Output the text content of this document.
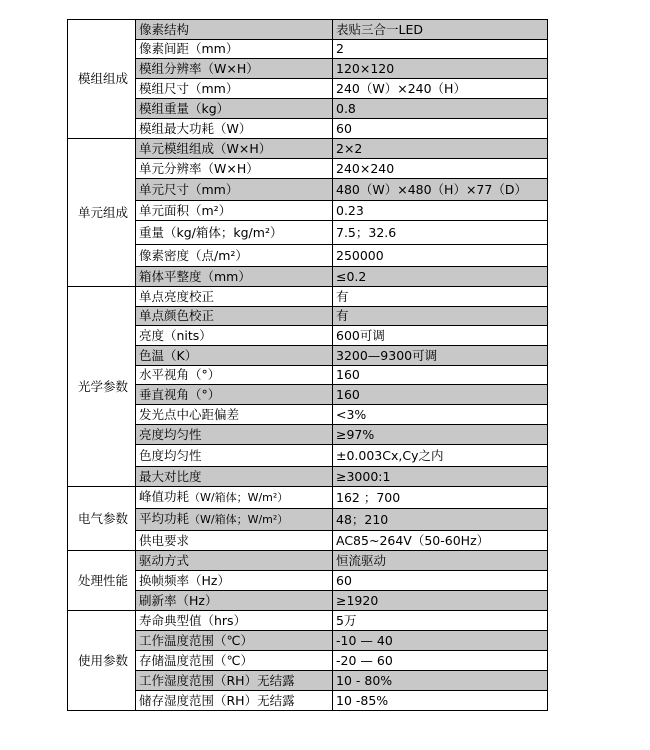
模组组成	像素结构	表贴三合一LED
	像素间距（mm）	2
	模组分辨率（W×H）	120×120
	模组尺寸（mm）	240（W）×240（H）
	模组重量（kg）	0.8
	模组最大功耗（W）	60
单元组成	单元模组组成（W×H）	2×2
	单元分辨率（W×H）	240×240
	单元尺寸（mm）	480（W）×480（H）×77（D）
	单元面积（m²）	0.23
	重量（kg/箱体；kg/m²）	7.5；32.6
	像素密度（点/m²）	250000
	箱体平整度（mm）	≤0.2
光学参数	单点亮度校正	有
	单点颜色校正	有
	亮度（nits）	600可调
	色温（K）	3200—9300可调
	水平视角（°）	160
	垂直视角（°）	160
	发光点中心距偏差	<3%
	亮度均匀性	≥97%
	色度均匀性	±0.003Cx,Cy之内
	最大对比度	≥3000:1
电气参数	峰值功耗（W/箱体；W/m²）	162 ；700
	平均功耗（W/箱体；W/m²）	48；210
	供电要求	AC85~264V（50-60Hz）
处理性能	驱动方式	恒流驱动
	换帧频率（Hz）	60
	刷新率（Hz）	≥1920
使用参数	寿命典型值（hrs）	5万
	工作温度范围（℃）	-10 — 40
	存储温度范围（℃）	-20 — 60
	工作湿度范围（RH）无结露	10 - 80%
	储存湿度范围（RH）无结露	10 -85%
